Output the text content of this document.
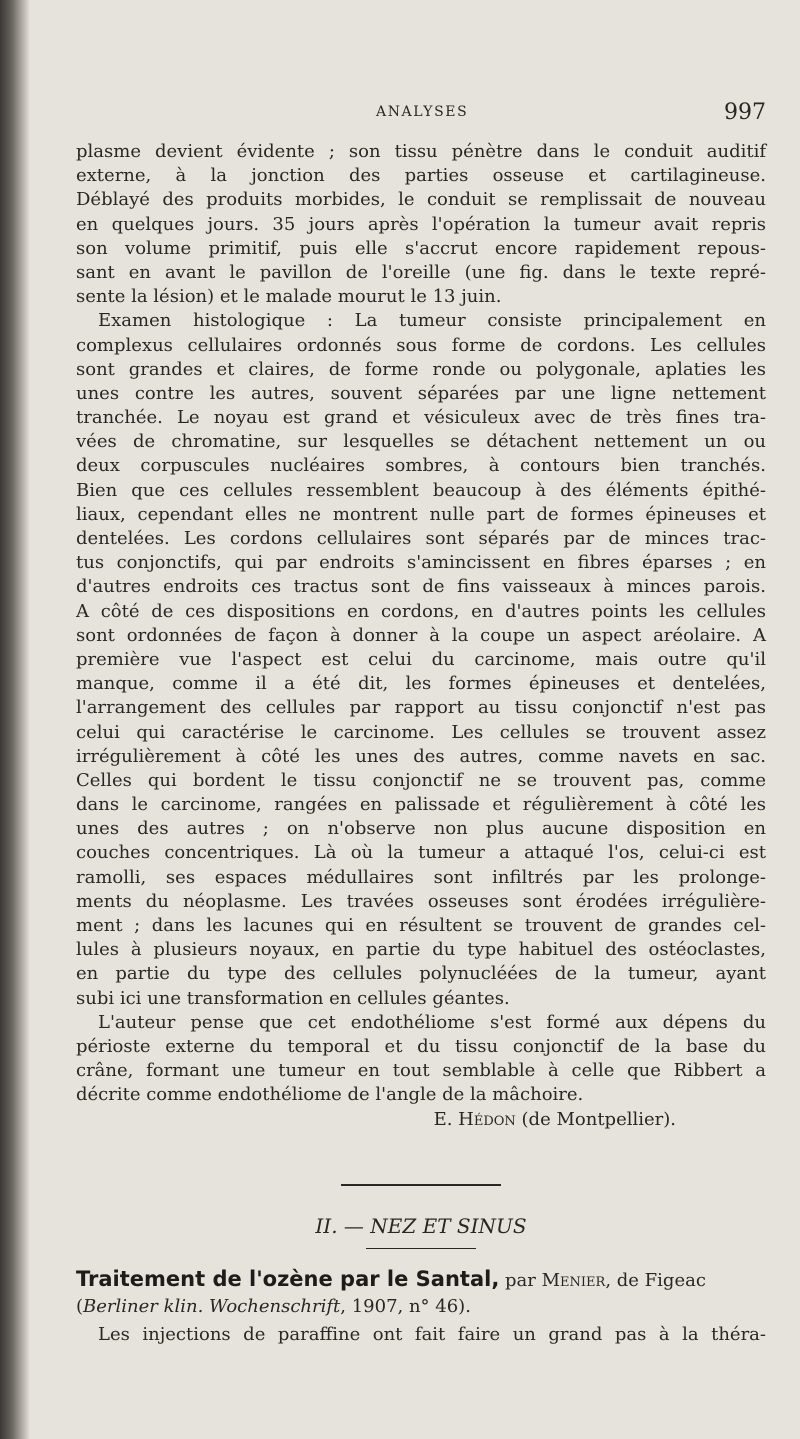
ANALYSES	997
plasme devient évidente ; son tissu pénètre dans le conduit auditif
externe, à la jonction des parties osseuse et cartilagineuse.
Déblayé des produits morbides, le conduit se remplissait de nouveau
en quelques jours. 35 jours après l'opération la tumeur avait repris
son volume primitif, puis elle s'accrut encore rapidement repous-
sant en avant le pavillon de l'oreille (une fig. dans le texte repré-
sente la lésion) et le malade mourut le 13 juin.
Examen histologique : La tumeur consiste principalement en
complexus cellulaires ordonnés sous forme de cordons. Les cellules
sont grandes et claires, de forme ronde ou polygonale, aplaties les
unes contre les autres, souvent séparées par une ligne nettement
tranchée. Le noyau est grand et vésiculeux avec de très fines tra-
vées de chromatine, sur lesquelles se détachent nettement un ou
deux corpuscules nucléaires sombres, à contours bien tranchés.
Bien que ces cellules ressemblent beaucoup à des éléments épithé-
liaux, cependant elles ne montrent nulle part de formes épineuses et
dentelées. Les cordons cellulaires sont séparés par de minces trac-
tus conjonctifs, qui par endroits s'amincissent en fibres éparses ; en
d'autres endroits ces tractus sont de fins vaisseaux à minces parois.
A côté de ces dispositions en cordons, en d'autres points les cellules
sont ordonnées de façon à donner à la coupe un aspect aréolaire. A
première vue l'aspect est celui du carcinome, mais outre qu'il
manque, comme il a été dit, les formes épineuses et dentelées,
l'arrangement des cellules par rapport au tissu conjonctif n'est pas
celui qui caractérise le carcinome. Les cellules se trouvent assez
irrégulièrement à côté les unes des autres, comme navets en sac.
Celles qui bordent le tissu conjonctif ne se trouvent pas, comme
dans le carcinome, rangées en palissade et régulièrement à côté les
unes des autres ; on n'observe non plus aucune disposition en
couches concentriques. Là où la tumeur a attaqué l'os, celui-ci est
ramolli, ses espaces médullaires sont infiltrés par les prolonge-
ments du néoplasme. Les travées osseuses sont érodées irrégulière-
ment ; dans les lacunes qui en résultent se trouvent de grandes cel-
lules à plusieurs noyaux, en partie du type habituel des ostéoclastes,
en partie du type des cellules polynucléées de la tumeur, ayant
subi ici une transformation en cellules géantes.
L'auteur pense que cet endothéliome s'est formé aux dépens du
périoste externe du temporal et du tissu conjonctif de la base du
crâne, formant une tumeur en tout semblable à celle que Ribbert a
décrite comme endothéliome de l'angle de la mâchoire.
E. Hédon (de Montpellier).
II. — NEZ ET SINUS
Traitement de l'ozène par le Santal, par Menier, de Figeac
(Berliner klin. Wochenschrift, 1907, n° 46).
Les injections de paraffine ont fait faire un grand pas à la théra-
